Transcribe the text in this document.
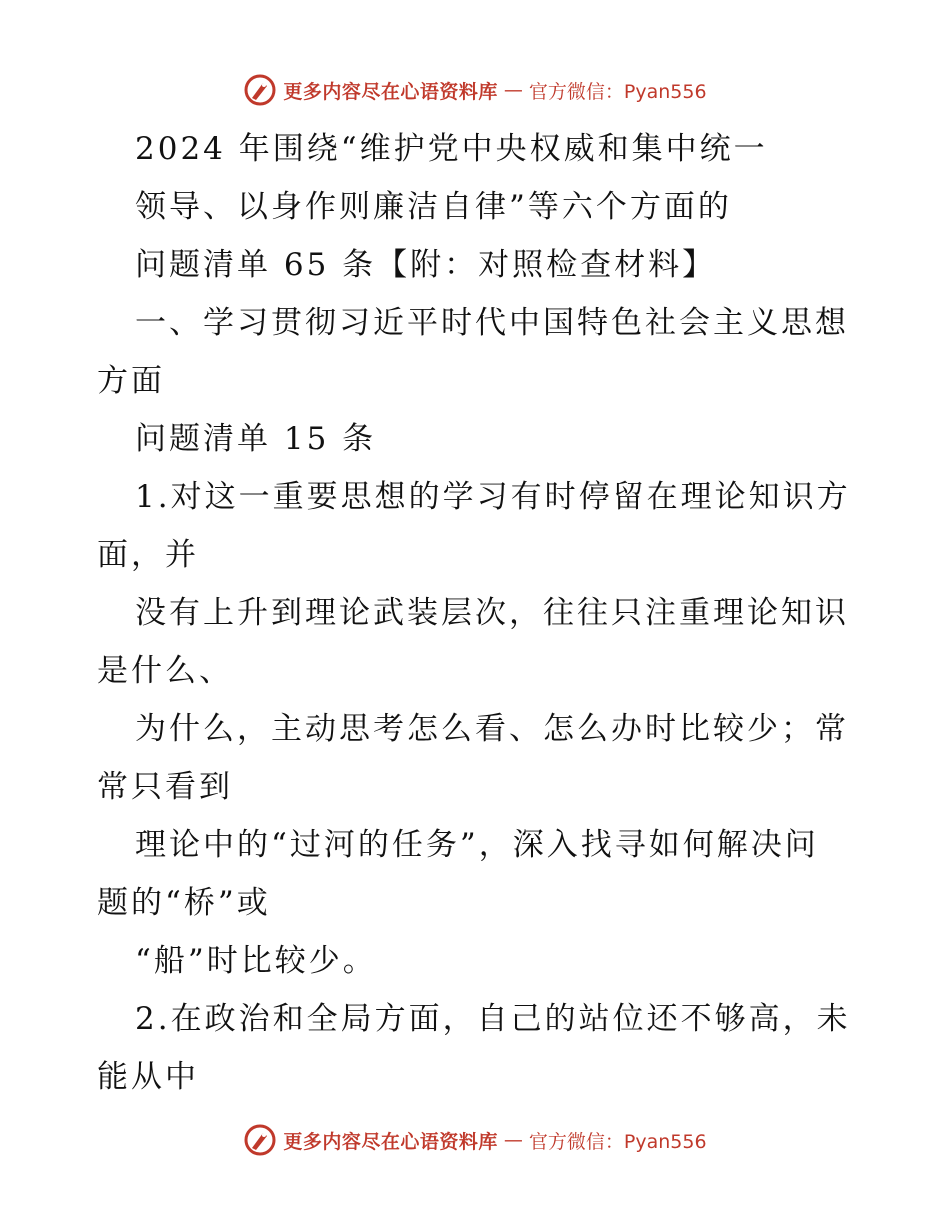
更多内容尽在心语资料库 — 官方微信：Pyan556
2024 年围绕“维护党中央权威和集中统一
领导、以身作则廉洁自律”等六个方面的
问题清单 65 条【附：对照检查材料】
一、学习贯彻习近平时代中国特色社会主义思想
方面
问题清单 15 条
1.对这一重要思想的学习有时停留在理论知识方
面，并
没有上升到理论武装层次，往往只注重理论知识
是什么、
为什么，主动思考怎么看、怎么办时比较少；常
常只看到
理论中的“过河的任务”，深入找寻如何解决问
题的“桥”或
“船”时比较少。
2.在政治和全局方面，自己的站位还不够高，未
能从中
更多内容尽在心语资料库 — 官方微信：Pyan556
